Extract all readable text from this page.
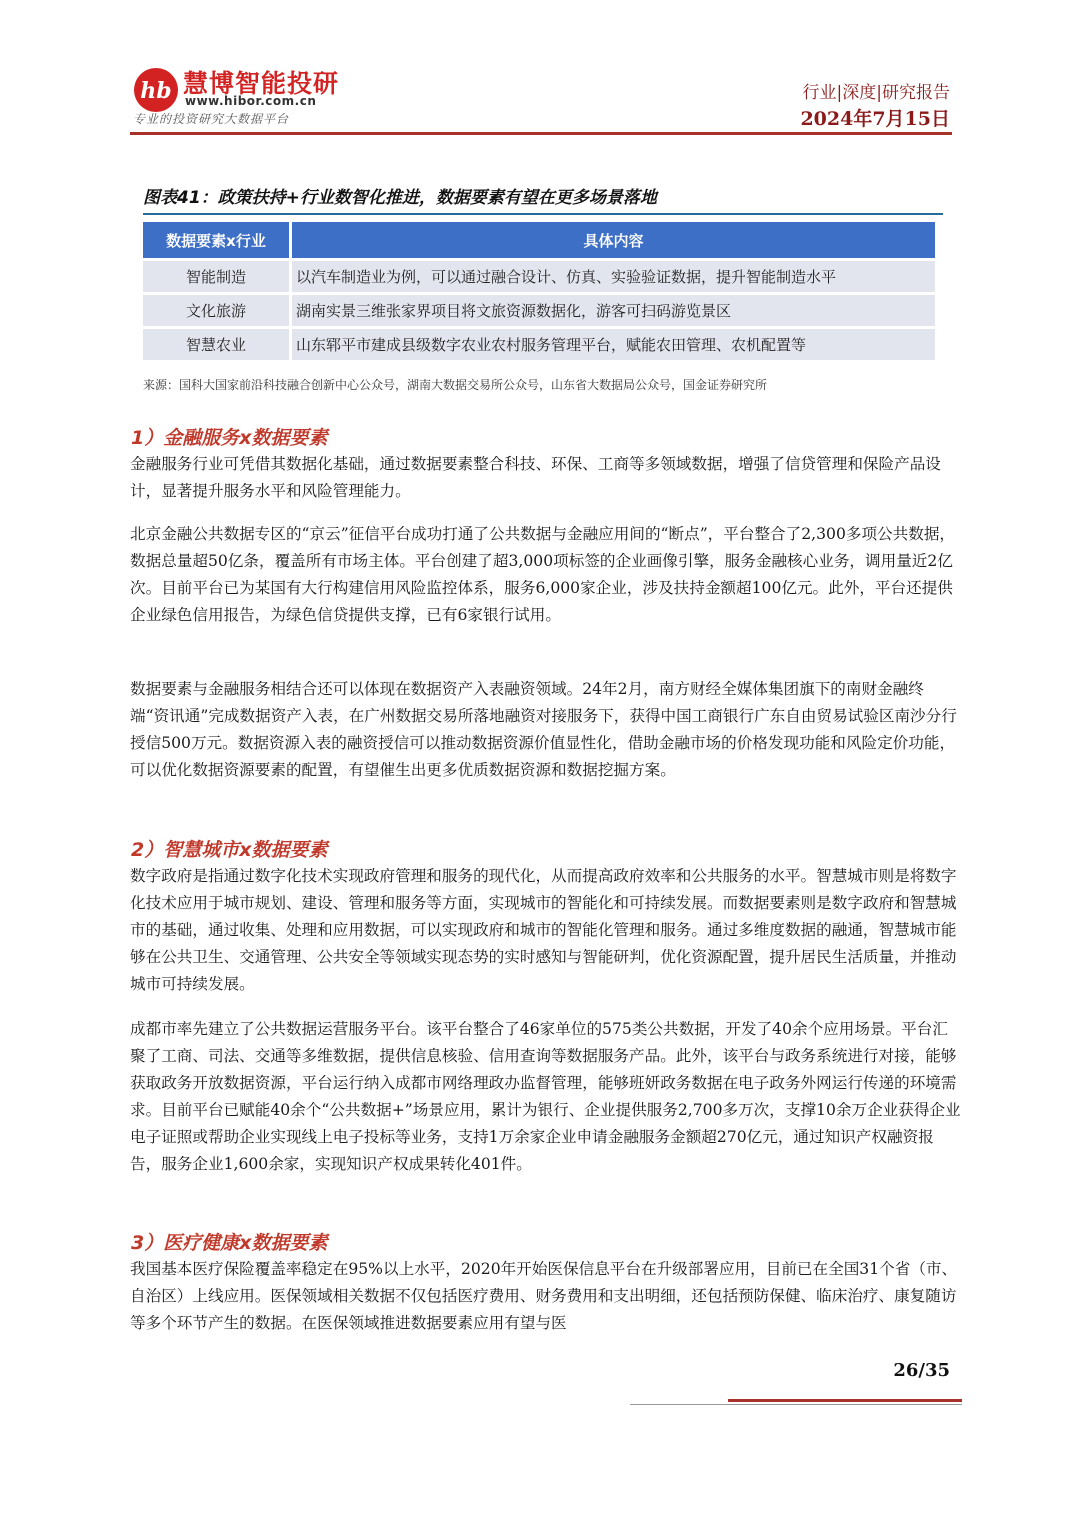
hb 慧博智能投研
www.hibor.com.cn
专业的投资研究大数据平台
行业|深度|研究报告
2024年7月15日
图表41：政策扶持+行业数智化推进，数据要素有望在更多场景落地
数据要素x行业	具体内容
智能制造	以汽车制造业为例，可以通过融合设计、仿真、实验验证数据，提升智能制造水平
文化旅游	湖南实景三维张家界项目将文旅资源数据化，游客可扫码游览景区
智慧农业	山东郓平市建成县级数字农业农村服务管理平台，赋能农田管理、农机配置等
来源：国科大国家前沿科技融合创新中心公众号，湖南大数据交易所公众号，山东省大数据局公众号，国金证券研究所
1）金融服务x数据要素

金融服务行业可凭借其数据化基础，通过数据要素整合科技、环保、工商等多领域数据，增强了信贷管理和保险产品设计，显著提升服务水平和风险管理能力。

北京金融公共数据专区的“京云”征信平台成功打通了公共数据与金融应用间的“断点”，平台整合了2,300多项公共数据，数据总量超50亿条，覆盖所有市场主体。平台创建了超3,000项标签的企业画像引擎，服务金融核心业务，调用量近2亿次。目前平台已为某国有大行构建信用风险监控体系，服务6,000家企业，涉及扶持金额超100亿元。此外，平台还提供企业绿色信用报告，为绿色信贷提供支撑，已有6家银行试用。

数据要素与金融服务相结合还可以体现在数据资产入表融资领域。24年2月，南方财经全媒体集团旗下的南财金融终端“资讯通”完成数据资产入表，在广州数据交易所落地融资对接服务下，获得中国工商银行广东自由贸易试验区南沙分行授信500万元。数据资源入表的融资授信可以推动数据资源价值显性化，借助金融市场的价格发现功能和风险定价功能，可以优化数据资源要素的配置，有望催生出更多优质数据资源和数据挖掘方案。

2）智慧城市x数据要素

数字政府是指通过数字化技术实现政府管理和服务的现代化，从而提高政府效率和公共服务的水平。智慧城市则是将数字化技术应用于城市规划、建设、管理和服务等方面，实现城市的智能化和可持续发展。而数据要素则是数字政府和智慧城市的基础，通过收集、处理和应用数据，可以实现政府和城市的智能化管理和服务。通过多维度数据的融通，智慧城市能够在公共卫生、交通管理、公共安全等领域实现态势的实时感知与智能研判，优化资源配置，提升居民生活质量，并推动城市可持续发展。

成都市率先建立了公共数据运营服务平台。该平台整合了46家单位的575类公共数据，开发了40余个应用场景。平台汇聚了工商、司法、交通等多维数据，提供信息核验、信用查询等数据服务产品。此外，该平台与政务系统进行对接，能够获取政务开放数据资源，平台运行纳入成都市网络理政办监督管理，能够班妍政务数据在电子政务外网运行传递的环境需求。目前平台已赋能40余个“公共数据+”场景应用，累计为银行、企业提供服务2,700多万次，支撑10余万企业获得企业电子证照或帮助企业实现线上电子投标等业务，支持1万余家企业申请金融服务金额超270亿元，通过知识产权融资报告，服务企业1,600余家，实现知识产权成果转化401件。

3）医疗健康x数据要素

我国基本医疗保险覆盖率稳定在95%以上水平，2020年开始医保信息平台在升级部署应用，目前已在全国31个省（市、自治区）上线应用。医保领域相关数据不仅包括医疗费用、财务费用和支出明细，还包括预防保健、临床治疗、康复随访等多个环节产生的数据。在医保领域推进数据要素应用有望与医

26/35
